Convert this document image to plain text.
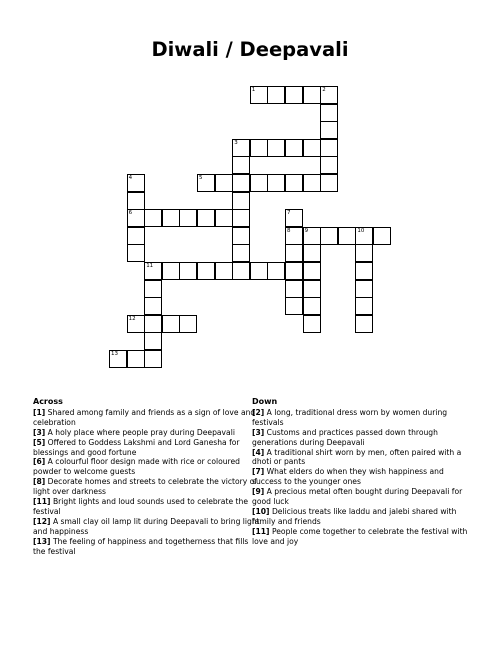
Diwali / Deepavali
1	2
3
5
4
6	7
8	9	10
11
12
13
Across

[1] Shared among family and friends as a sign of love and celebration

[3] A holy place where people pray during Deepavali

[5] Offered to Goddess Lakshmi and Lord Ganesha for blessings and good fortune

[6] A colourful floor design made with rice or coloured powder to welcome guests

[8] Decorate homes and streets to celebrate the victory of light over darkness

[11] Bright lights and loud sounds used to celebrate the festival

[12] A small clay oil lamp lit during Deepavali to bring light and happiness

[13] The feeling of happiness and togetherness that fills the festival

Down

[2] A long, traditional dress worn by women during festivals

[3] Customs and practices passed down through generations during Deepavali

[4] A traditional shirt worn by men, often paired with a dhoti or pants

[7] What elders do when they wish happiness and success to the younger ones

[9] A precious metal often bought during Deepavali for good luck

[10] Delicious treats like laddu and jalebi shared with family and friends

[11] People come together to celebrate the festival with love and joy
